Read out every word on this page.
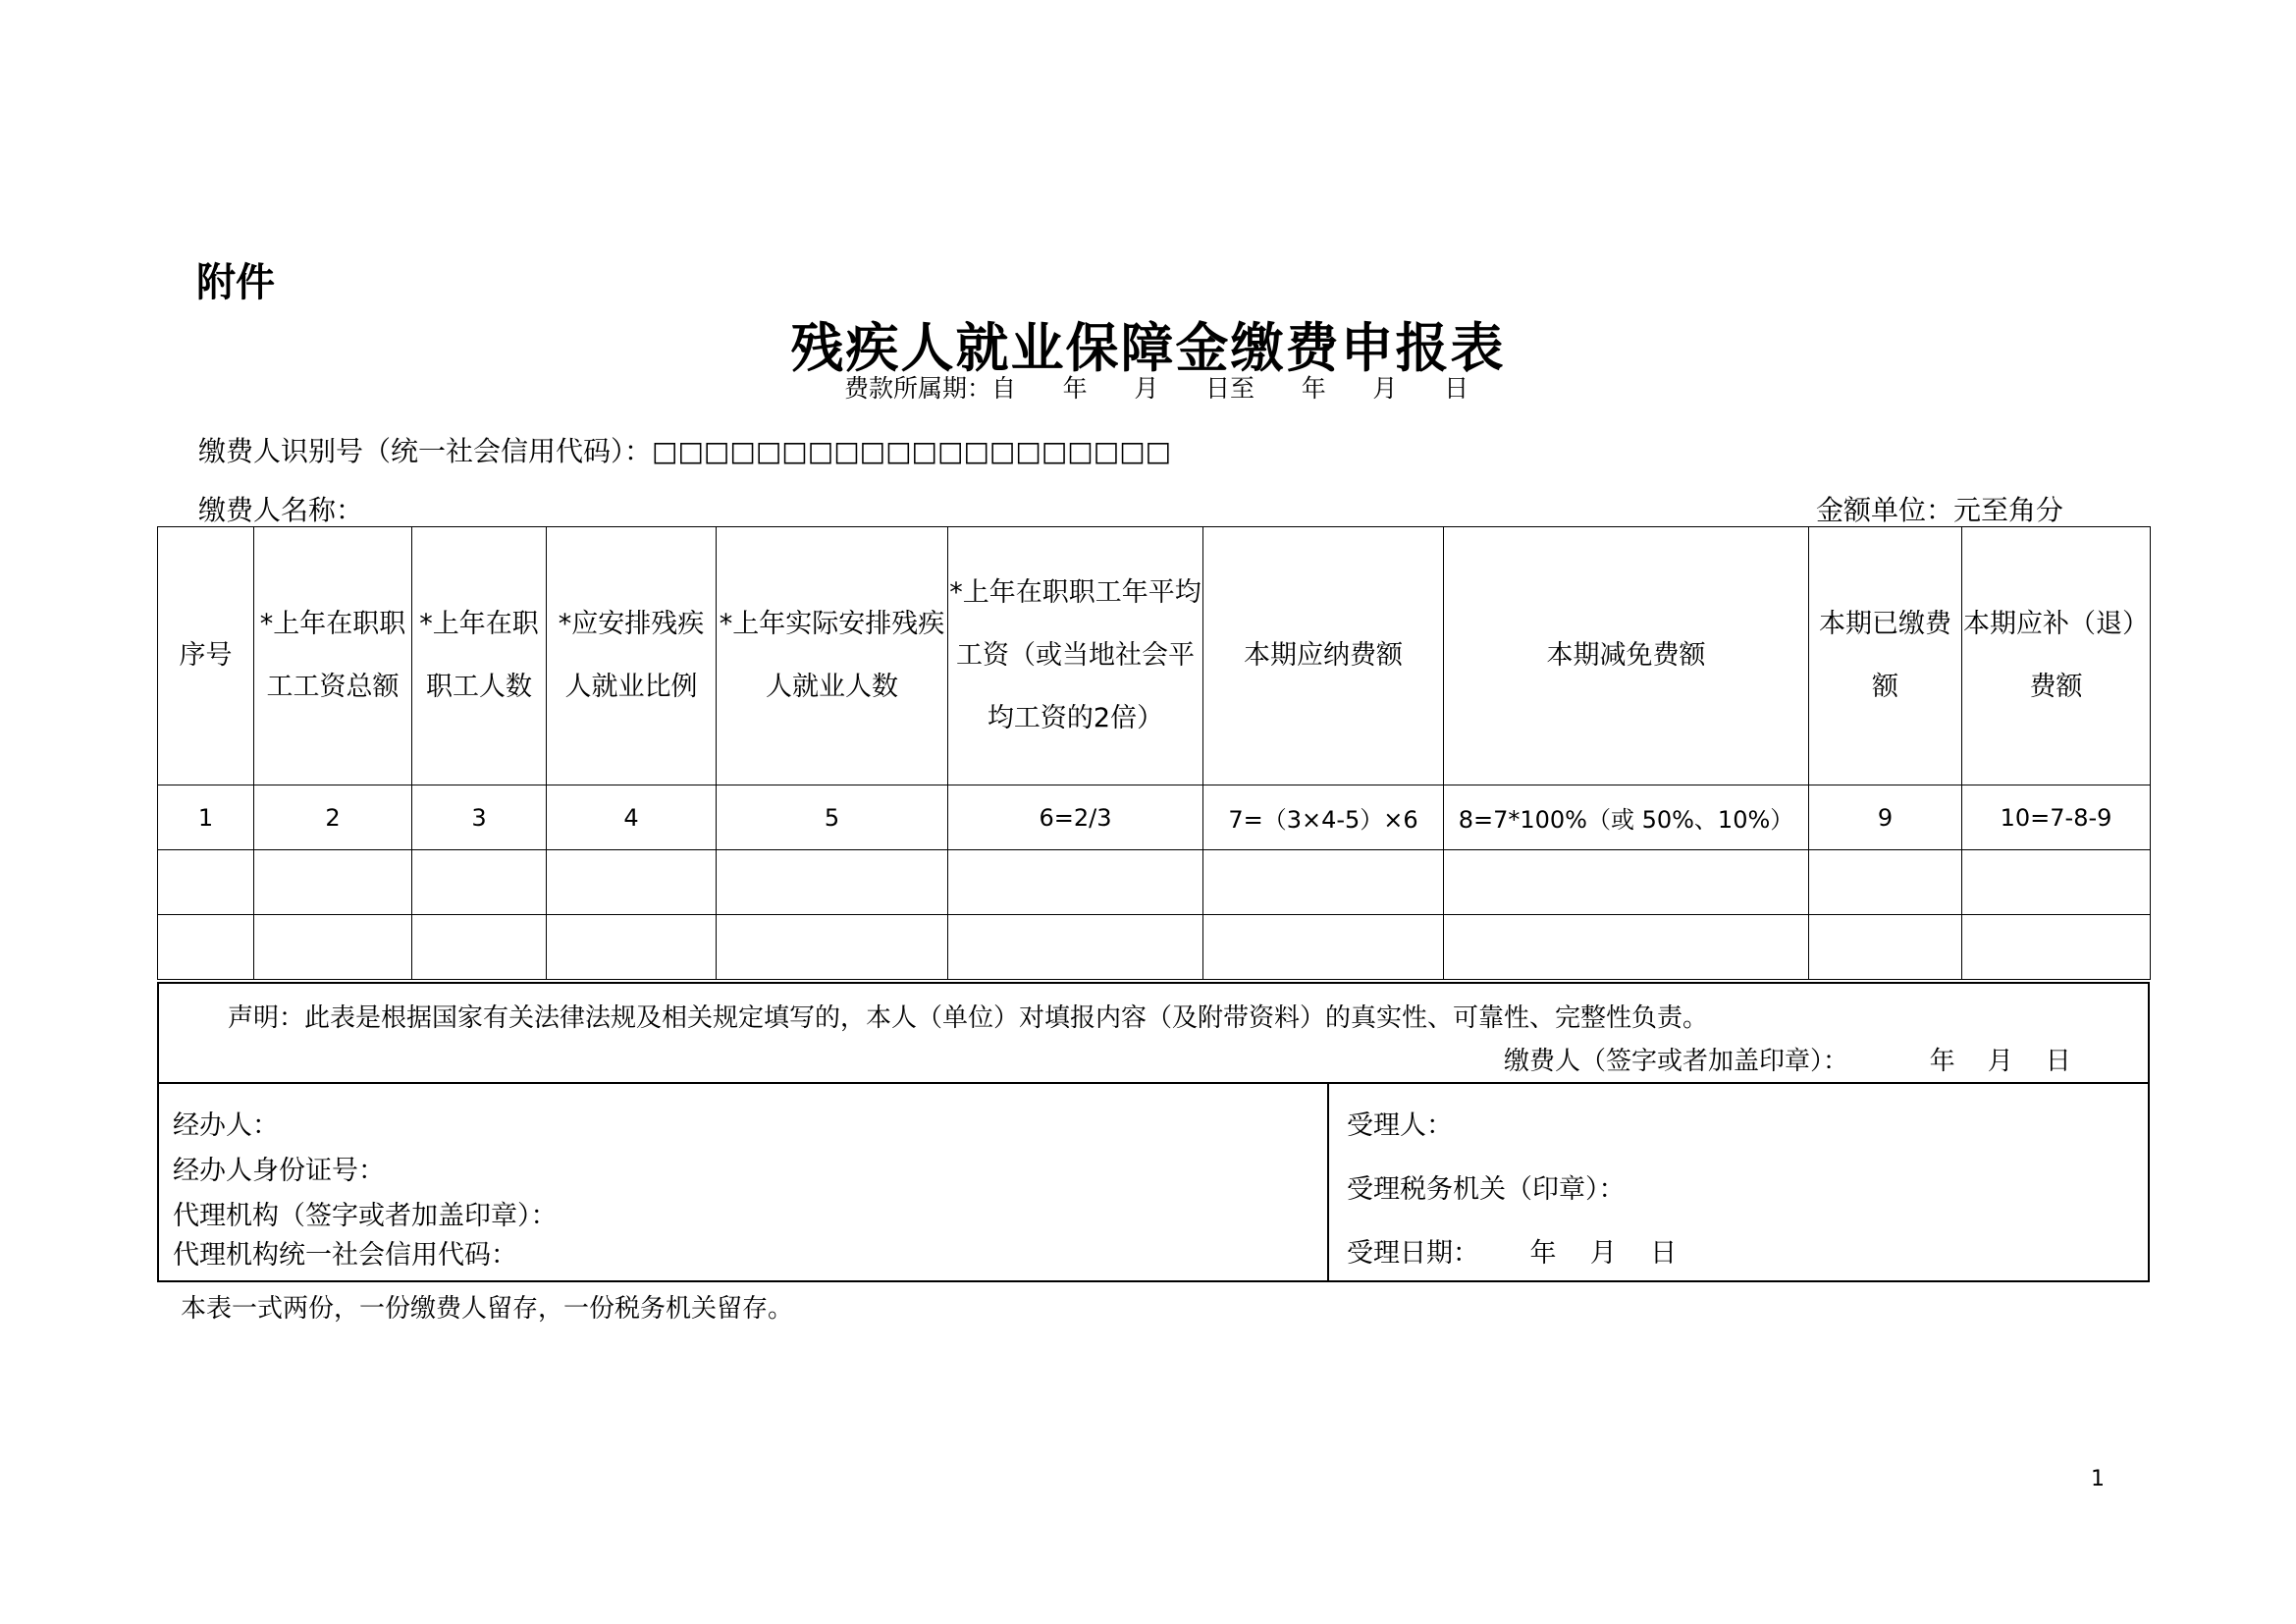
附件
残疾人就业保障金缴费申报表
费款所属期：自      年      月      日至      年      月      日
缴费人识别号（统一社会信用代码）：□□□□□□□□□□□□□□□□□□□□
缴费人名称：	金额单位：元至角分
序号	*上年在职职工工资总额	*上年在职职工人数	*应安排残疾人就业比例	*上年实际安排残疾人就业人数	*上年在职职工年平均工资（或当地社会平均工资的2倍）	本期应纳费额	本期减免费额	本期已缴费额	本期应补（退）费额
1	2	3	4	5	6=2/3	7=（3×4-5）×6	8=7*100%（或 50%、10%）	9	10=7-8-9

声明：此表是根据国家有关法律法规及相关规定填写的，本人（单位）对填报内容（及附带资料）的真实性、可靠性、完整性负责。
缴费人（签字或者加盖印章）：          年    月    日
经办人：
经办人身份证号：
代理机构（签字或者加盖印章）：
代理机构统一社会信用代码：
受理人：
受理税务机关（印章）：
受理日期：      年    月    日
本表一式两份，一份缴费人留存，一份税务机关留存。
1
